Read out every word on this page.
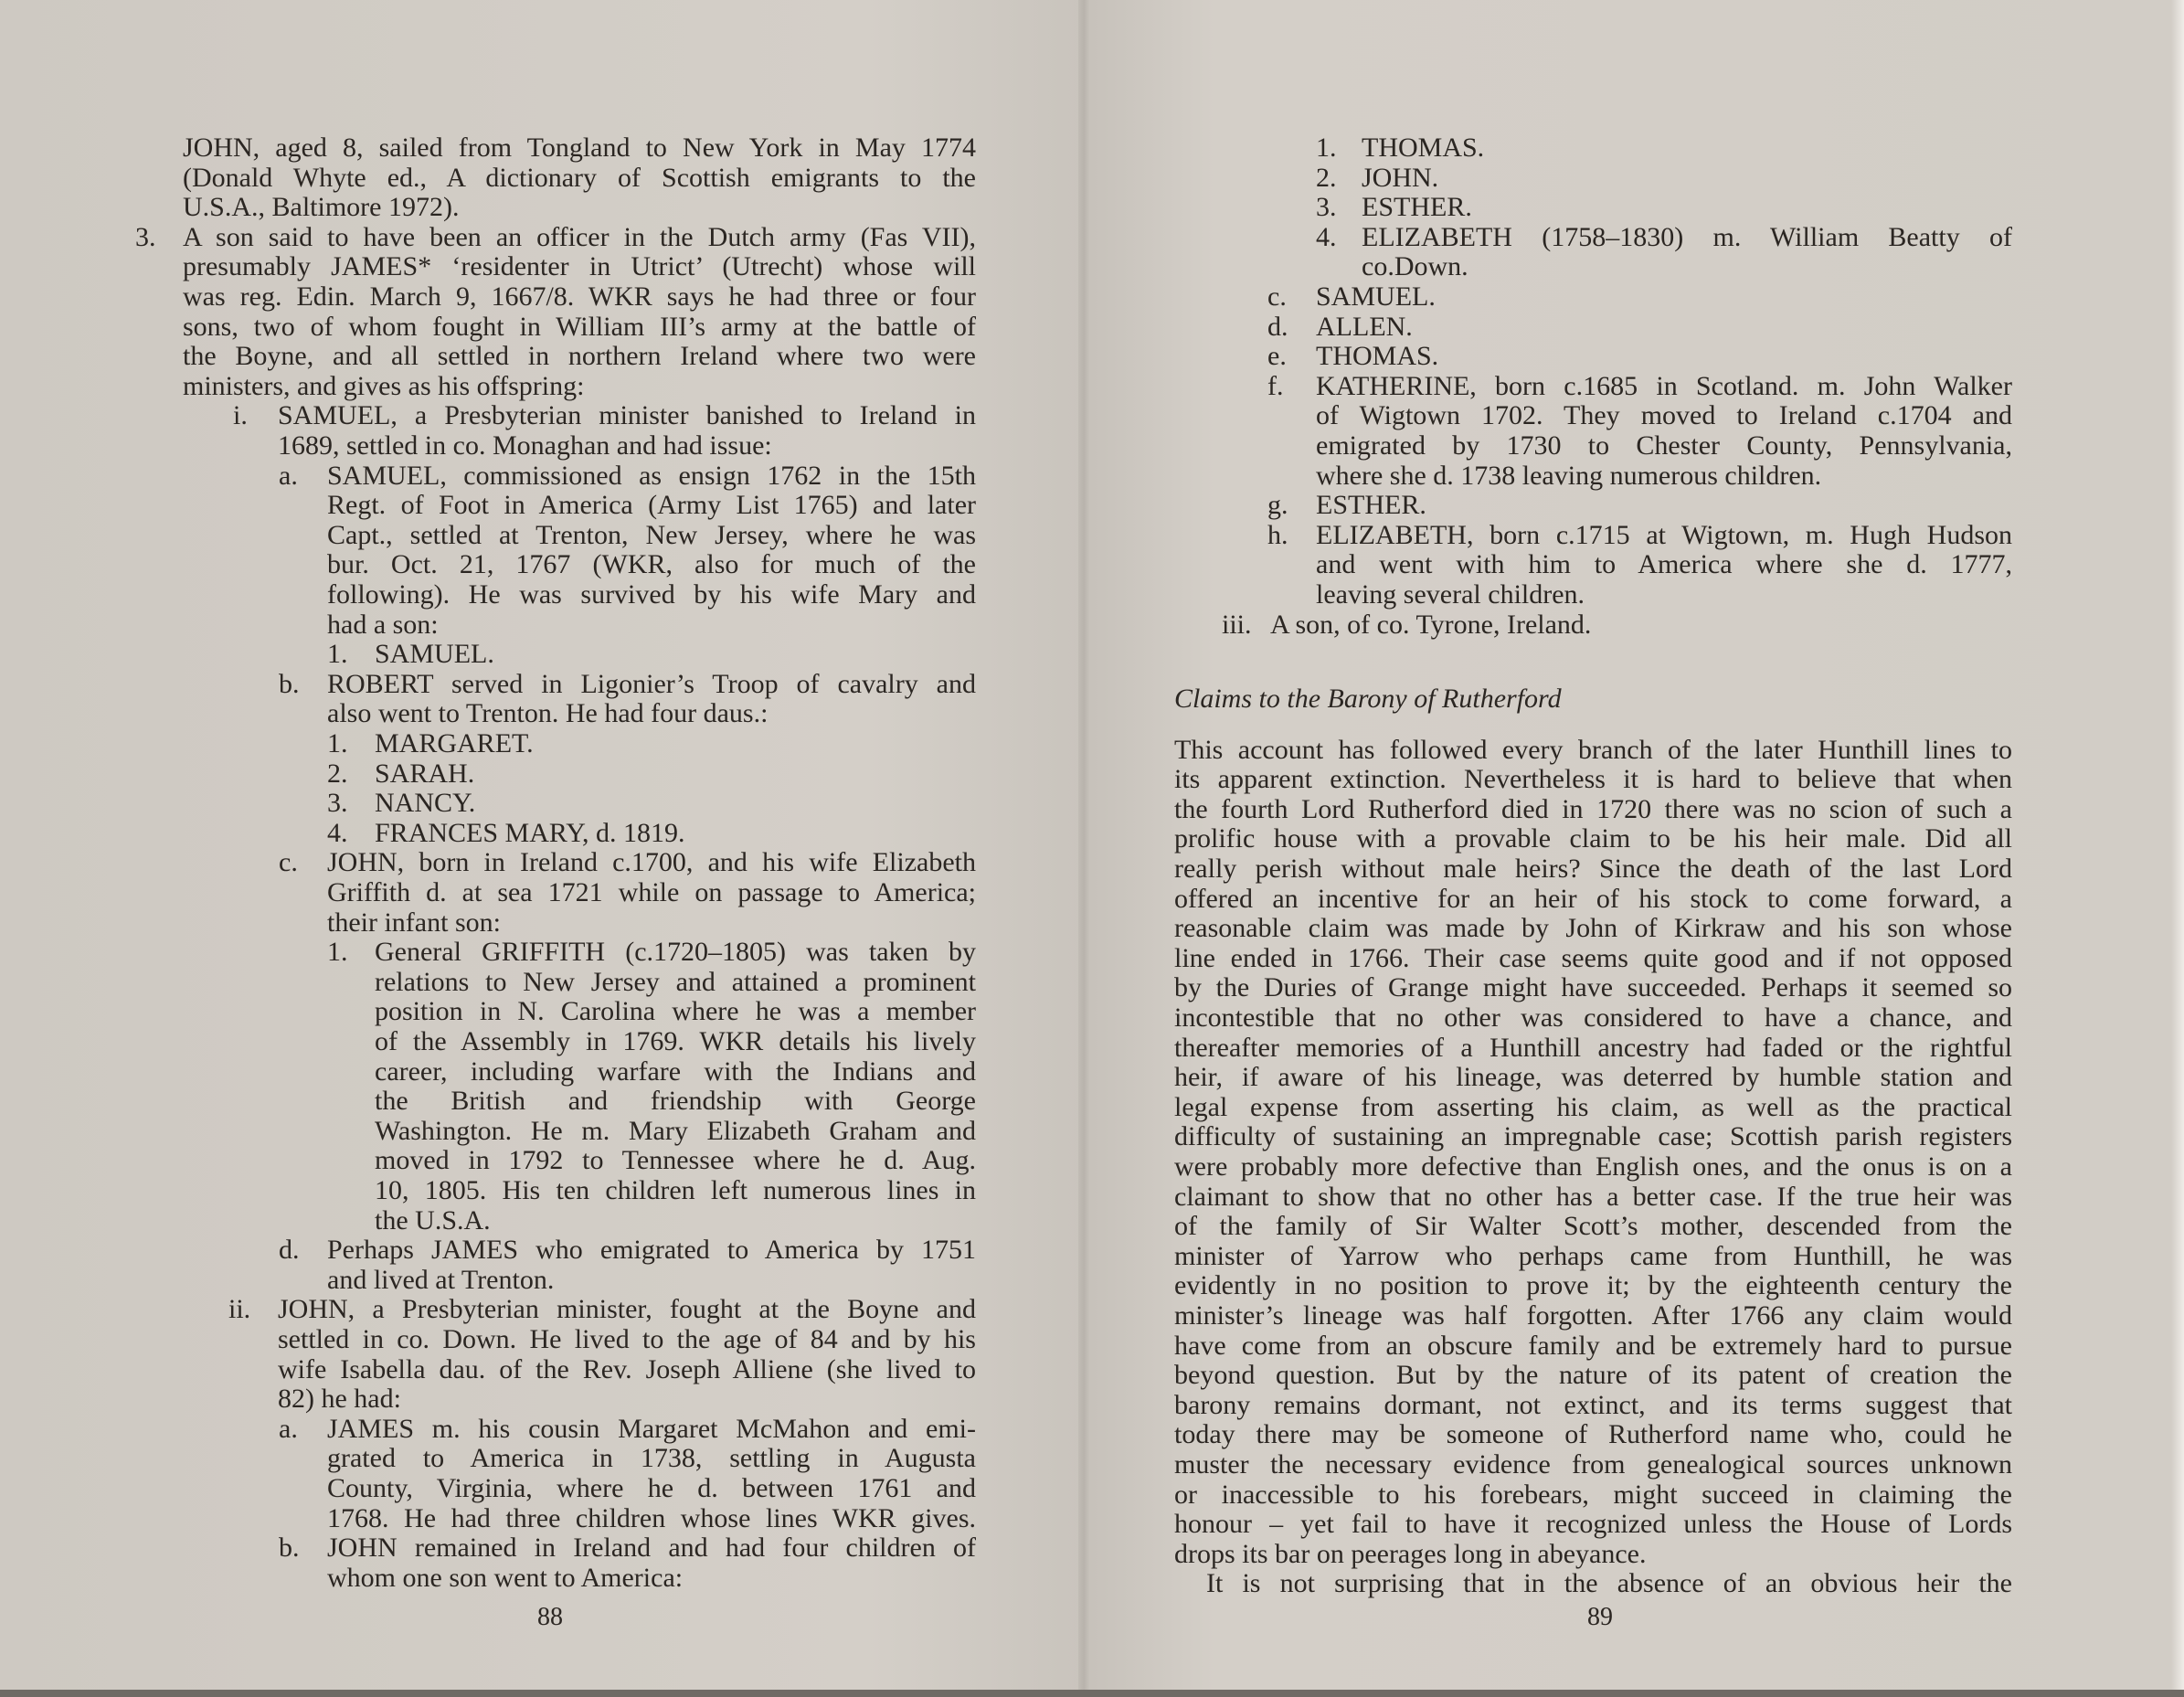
JOHN, aged 8, sailed from Tongland to New York in May 1774
(Donald Whyte ed., A dictionary of Scottish emigrants to the
U.S.A., Baltimore 1972).
3. A son said to have been an officer in the Dutch army (Fas VII),
presumably JAMES* ‘residenter in Utrict’ (Utrecht) whose will
was reg. Edin. March 9, 1667/8. WKR says he had three or four
sons, two of whom fought in William III’s army at the battle of
the Boyne, and all settled in northern Ireland where two were
ministers, and gives as his offspring:
i. SAMUEL, a Presbyterian minister banished to Ireland in
1689, settled in co. Monaghan and had issue:
a. SAMUEL, commissioned as ensign 1762 in the 15th
Regt. of Foot in America (Army List 1765) and later
Capt., settled at Trenton, New Jersey, where he was
bur. Oct. 21, 1767 (WKR, also for much of the
following). He was survived by his wife Mary and
had a son:
1. SAMUEL.
b. ROBERT served in Ligonier’s Troop of cavalry and
also went to Trenton. He had four daus.:
1. MARGARET.
2. SARAH.
3. NANCY.
4. FRANCES MARY, d. 1819.
c. JOHN, born in Ireland c.1700, and his wife Elizabeth
Griffith d. at sea 1721 while on passage to America;
their infant son:
1. General GRIFFITH (c.1720–1805) was taken by
relations to New Jersey and attained a prominent
position in N. Carolina where he was a member
of the Assembly in 1769. WKR details his lively
career, including warfare with the Indians and
the British and friendship with George
Washington. He m. Mary Elizabeth Graham and
moved in 1792 to Tennessee where he d. Aug.
10, 1805. His ten children left numerous lines in
the U.S.A.
d. Perhaps JAMES who emigrated to America by 1751
and lived at Trenton.
ii. JOHN, a Presbyterian minister, fought at the Boyne and
settled in co. Down. He lived to the age of 84 and by his
wife Isabella dau. of the Rev. Joseph Alliene (she lived to
82) he had:
a. JAMES m. his cousin Margaret McMahon and emi-
grated to America in 1738, settling in Augusta
County, Virginia, where he d. between 1761 and
1768. He had three children whose lines WKR gives.
b. JOHN remained in Ireland and had four children of
whom one son went to America:
88
1. THOMAS.
2. JOHN.
3. ESTHER.
4. ELIZABETH (1758–1830) m. William Beatty of
co.Down.
c. SAMUEL.
d. ALLEN.
e. THOMAS.
f. KATHERINE, born c.1685 in Scotland. m. John Walker
of Wigtown 1702. They moved to Ireland c.1704 and
emigrated by 1730 to Chester County, Pennsylvania,
where she d. 1738 leaving numerous children.
g. ESTHER.
h. ELIZABETH, born c.1715 at Wigtown, m. Hugh Hudson
and went with him to America where she d. 1777,
leaving several children.
iii. A son, of co. Tyrone, Ireland.
Claims to the Barony of Rutherford
This account has followed every branch of the later Hunthill lines to
its apparent extinction. Nevertheless it is hard to believe that when
the fourth Lord Rutherford died in 1720 there was no scion of such a
prolific house with a provable claim to be his heir male. Did all
really perish without male heirs? Since the death of the last Lord
offered an incentive for an heir of his stock to come forward, a
reasonable claim was made by John of Kirkraw and his son whose
line ended in 1766. Their case seems quite good and if not opposed
by the Duries of Grange might have succeeded. Perhaps it seemed so
incontestible that no other was considered to have a chance, and
thereafter memories of a Hunthill ancestry had faded or the rightful
heir, if aware of his lineage, was deterred by humble station and
legal expense from asserting his claim, as well as the practical
difficulty of sustaining an impregnable case; Scottish parish registers
were probably more defective than English ones, and the onus is on a
claimant to show that no other has a better case. If the true heir was
of the family of Sir Walter Scott’s mother, descended from the
minister of Yarrow who perhaps came from Hunthill, he was
evidently in no position to prove it; by the eighteenth century the
minister’s lineage was half forgotten. After 1766 any claim would
have come from an obscure family and be extremely hard to pursue
beyond question. But by the nature of its patent of creation the
barony remains dormant, not extinct, and its terms suggest that
today there may be someone of Rutherford name who, could he
muster the necessary evidence from genealogical sources unknown
or inaccessible to his forebears, might succeed in claiming the
honour – yet fail to have it recognized unless the House of Lords
drops its bar on peerages long in abeyance.
It is not surprising that in the absence of an obvious heir the
89
